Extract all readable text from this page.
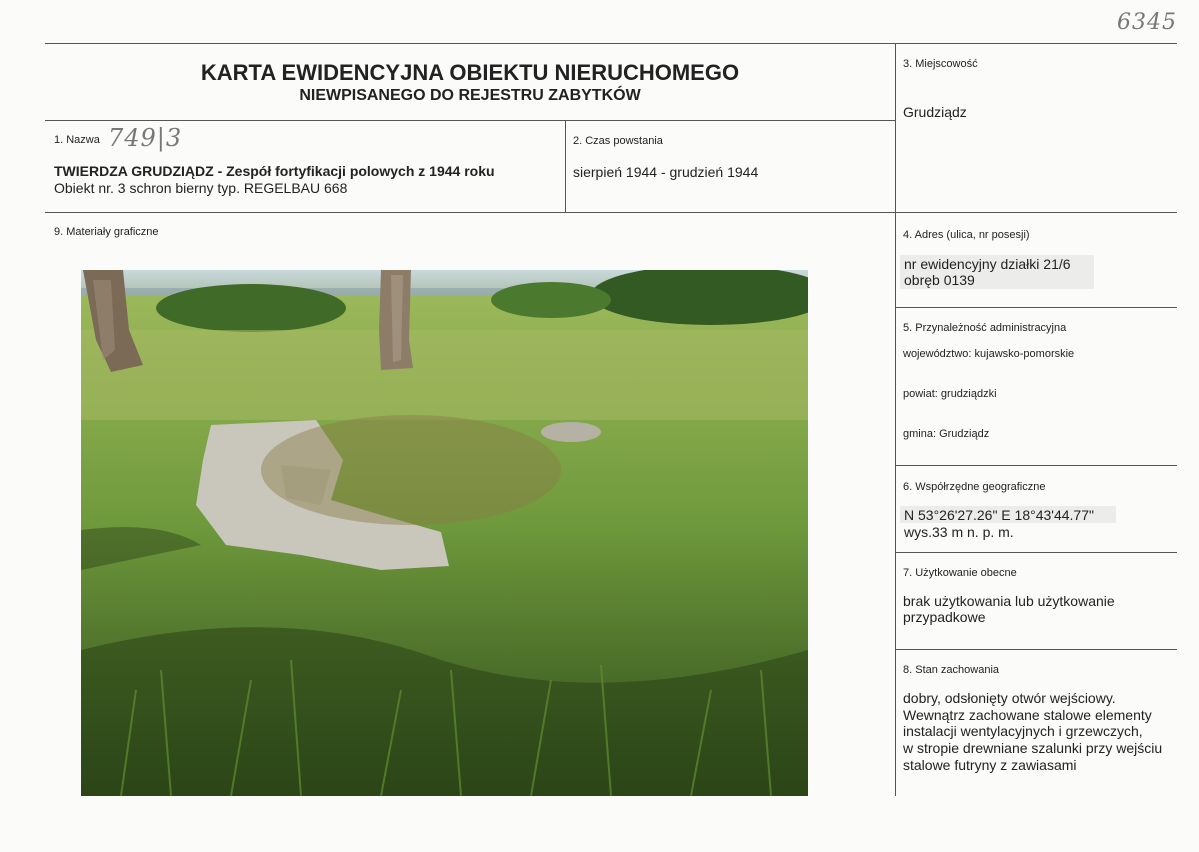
6345
KARTA EWIDENCYJNA OBIEKTU NIERUCHOMEGO
NIEWPISANEGO DO REJESTRU ZABYTKÓW
1. Nazwa 749|3
TWIERDZA GRUDZIĄDZ - Zespół fortyfikacji polowych z 1944 roku
Obiekt nr. 3 schron bierny typ. REGELBAU 668
2. Czas powstania
sierpień 1944 - grudzień 1944
3. Miejscowość
Grudziądz
9. Materiały graficzne	4. Adres (ulica, nr posesji)
nr ewidencyjny działki 21/6
obręb 0139
5. Przynależność administracyjna
województwo: kujawsko-pomorskie
powiat: grudziądzki
gmina: Grudziądz
6. Współrzędne geograficzne
N 53°26'27.26" E 18°43'44.77"
wys.33 m n. p. m.
7. Użytkowanie obecne
brak użytkowania lub użytkowanie
przypadkowe
8. Stan zachowania
dobry, odsłonięty otwór wejściowy.
Wewnątrz zachowane stalowe elementy
instalacji wentylacyjnych i grzewczych,
w stropie drewniane szalunki przy wejściu
stalowe futryny z zawiasami
